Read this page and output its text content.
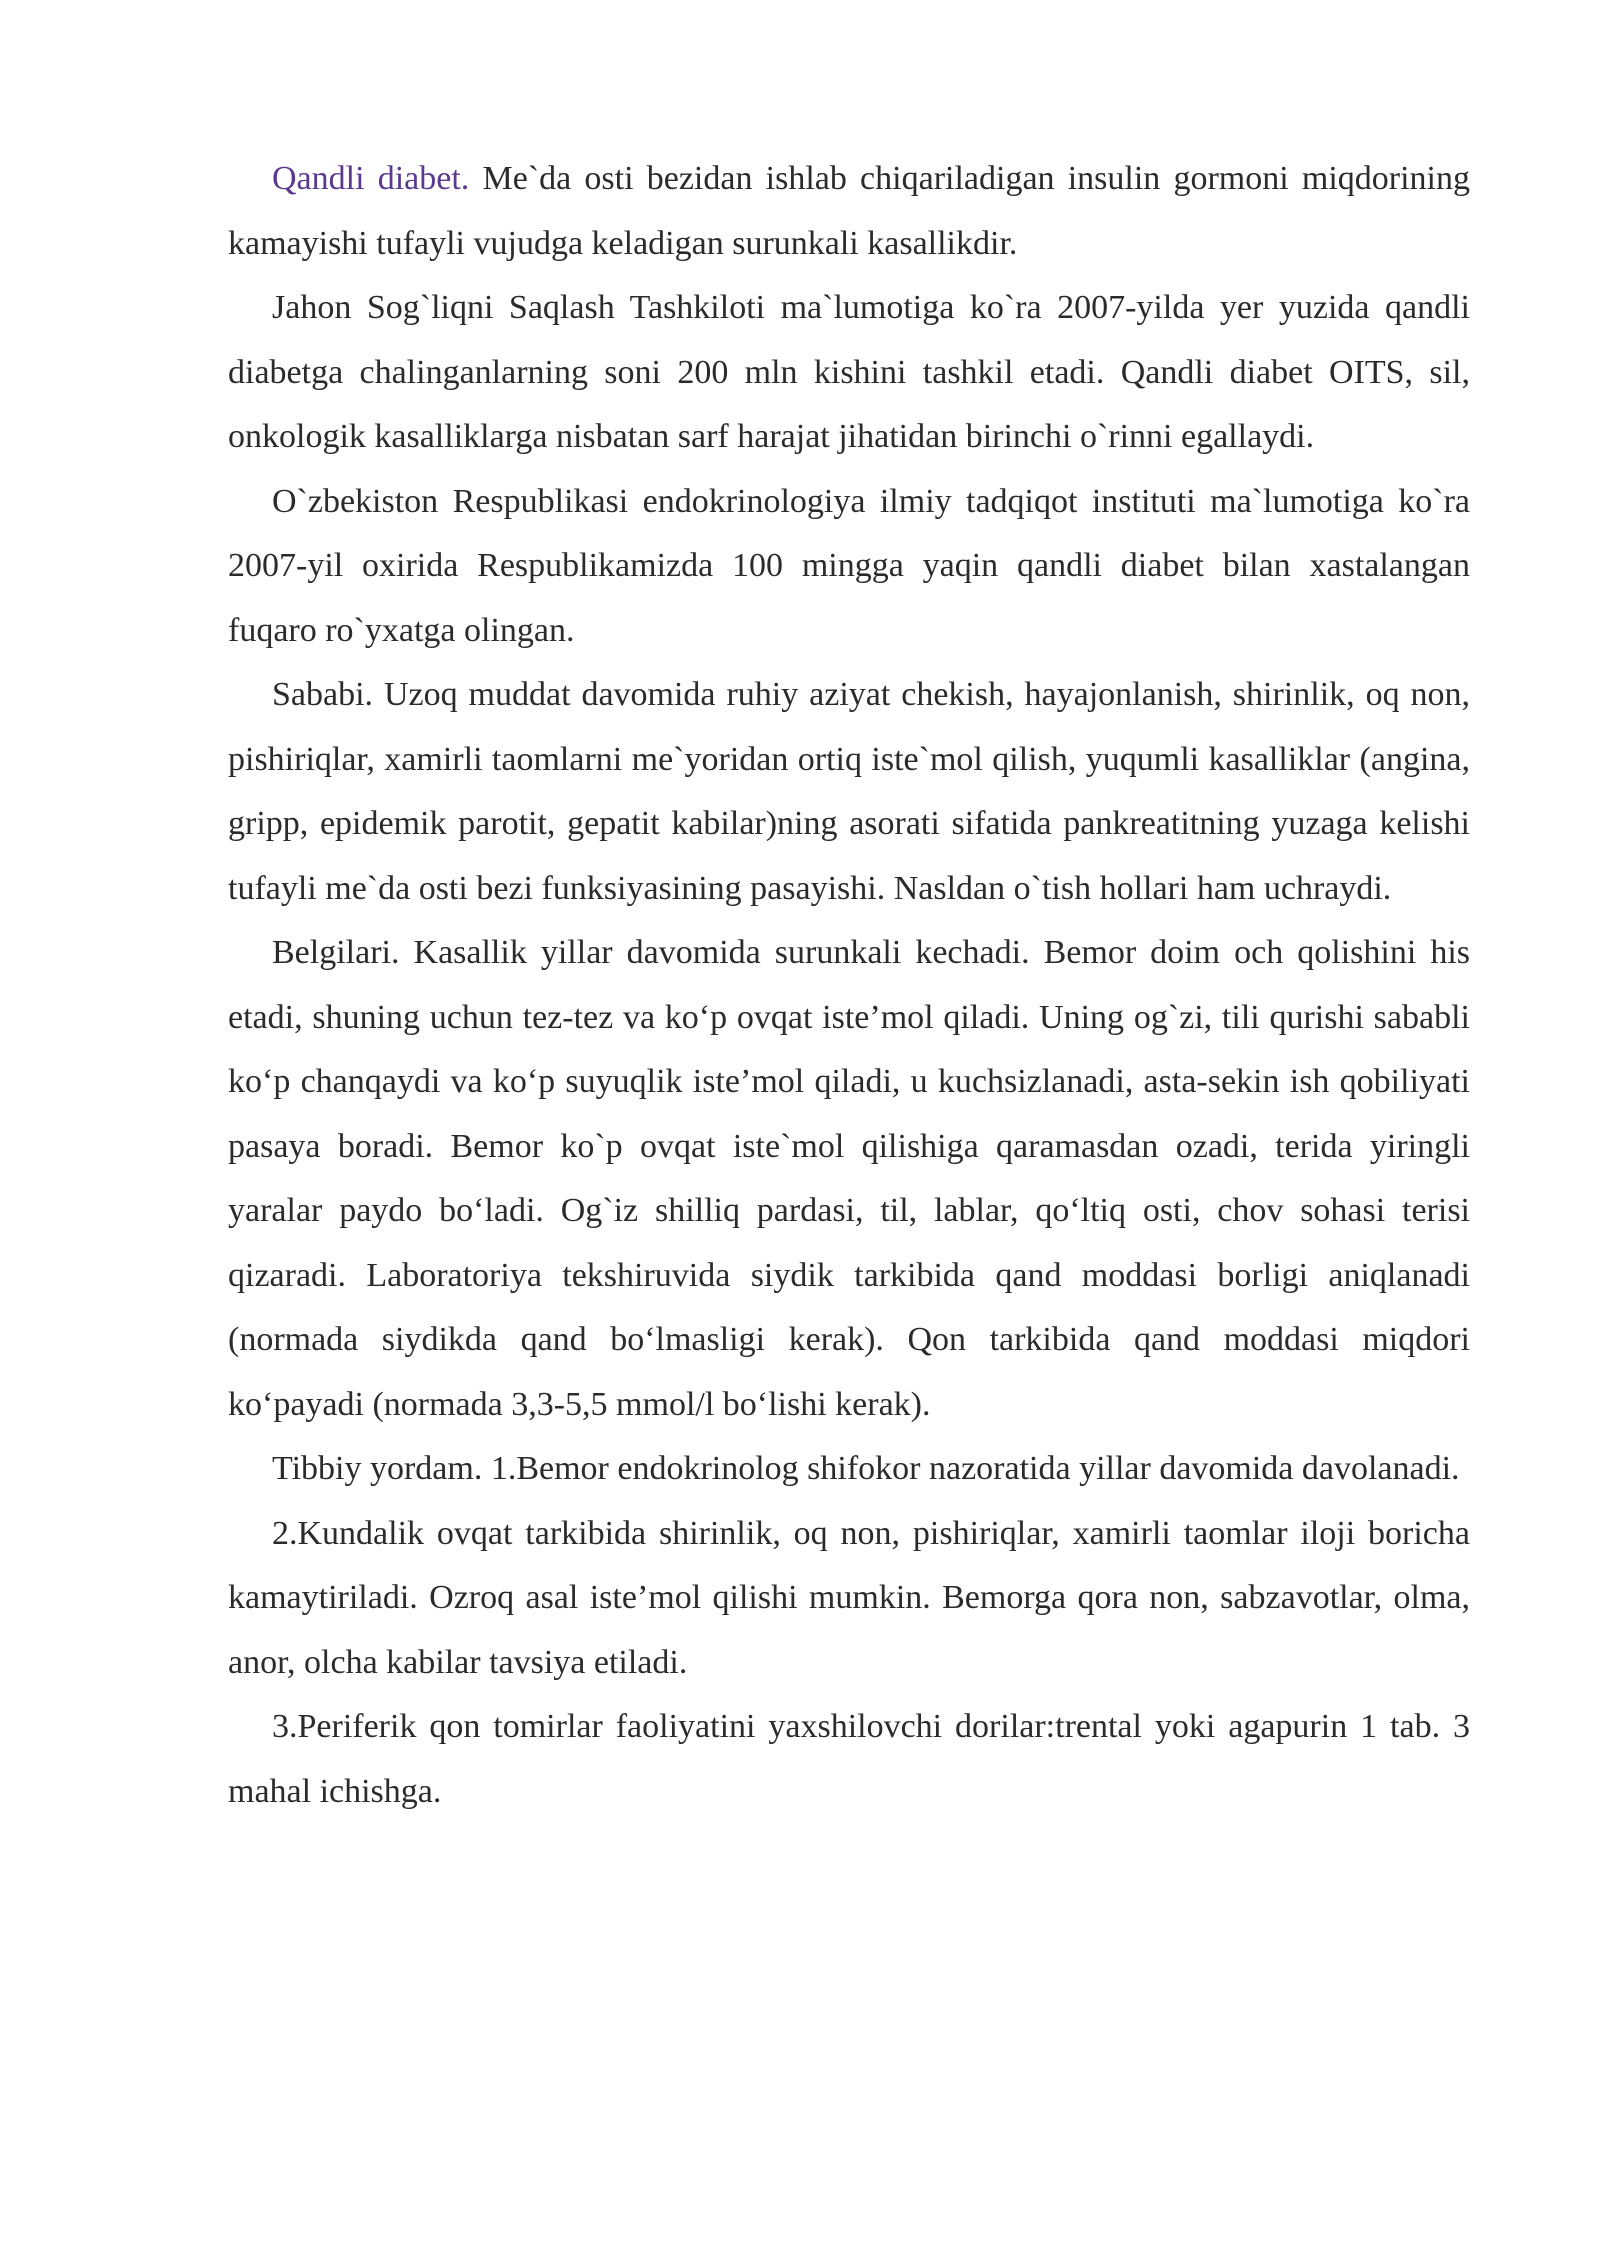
Qandli diabet. Me`da osti bezidan ishlab chiqariladigan insulin gormoni miqdorining kamayishi tufayli vujudga keladigan surunkali kasallikdir.

Jahon Sog`liqni Saqlash Tashkiloti ma`lumotiga ko`ra 2007-yilda yer yuzida qandli diabetga chalinganlarning soni 200 mln kishini tashkil etadi. Qandli diabet OITS, sil, onkologik kasalliklarga nisbatan sarf harajat jihatidan birinchi o`rinni egallaydi.

O`zbekiston Respublikasi endokrinologiya ilmiy tadqiqot instituti ma`lumotiga ko`ra 2007-yil oxirida Respublikamizda 100 mingga yaqin qandli diabet bilan xastalangan fuqaro ro`yxatga olingan.

Sababi. Uzoq muddat davomida ruhiy aziyat chekish, hayajonlanish, shirinlik, oq non, pishiriqlar, xamirli taomlarni me`yoridan ortiq iste`mol qilish, yuqumli kasalliklar (angina, gripp, epidemik parotit, gepatit kabilar)ning asorati sifatida pankreatitning yuzaga kelishi tufayli me`da osti bezi funksiyasining pasayishi. Nasldan o`tish hollari ham uchraydi.

Belgilari. Kasallik yillar davomida surunkali kechadi. Bemor doim och qolishini his etadi, shuning uchun tez-tez va ko‘p ovqat iste’mol qiladi. Uning og`zi, tili qurishi sababli ko‘p chanqaydi va ko‘p suyuqlik iste’mol qiladi, u kuchsizlanadi, asta-sekin ish qobiliyati pasaya boradi. Bemor ko`p ovqat iste`mol qilishiga qaramasdan ozadi, terida yiringli yaralar paydo bo‘ladi. Og`iz shilliq pardasi, til, lablar, qo‘ltiq osti, chov sohasi terisi qizaradi. Laboratoriya tekshiruvida siydik tarkibida qand moddasi borligi aniqlanadi (normada siydikda qand bo‘lmasligi kerak). Qon tarkibida qand moddasi miqdori ko‘payadi (normada 3,3-5,5 mmol/l bo‘lishi kerak).

Tibbiy yordam. 1.Bemor endokrinolog shifokor nazoratida yillar davomida davolanadi.

2.Kundalik ovqat tarkibida shirinlik, oq non, pishiriqlar, xamirli taomlar iloji boricha kamaytiriladi. Ozroq asal iste’mol qilishi mumkin. Bemorga qora non, sabzavotlar, olma, anor, olcha kabilar tavsiya etiladi.

3.Periferik qon tomirlar faoliyatini yaxshilovchi dorilar:trental yoki agapurin 1 tab. 3 mahal ichishga.
